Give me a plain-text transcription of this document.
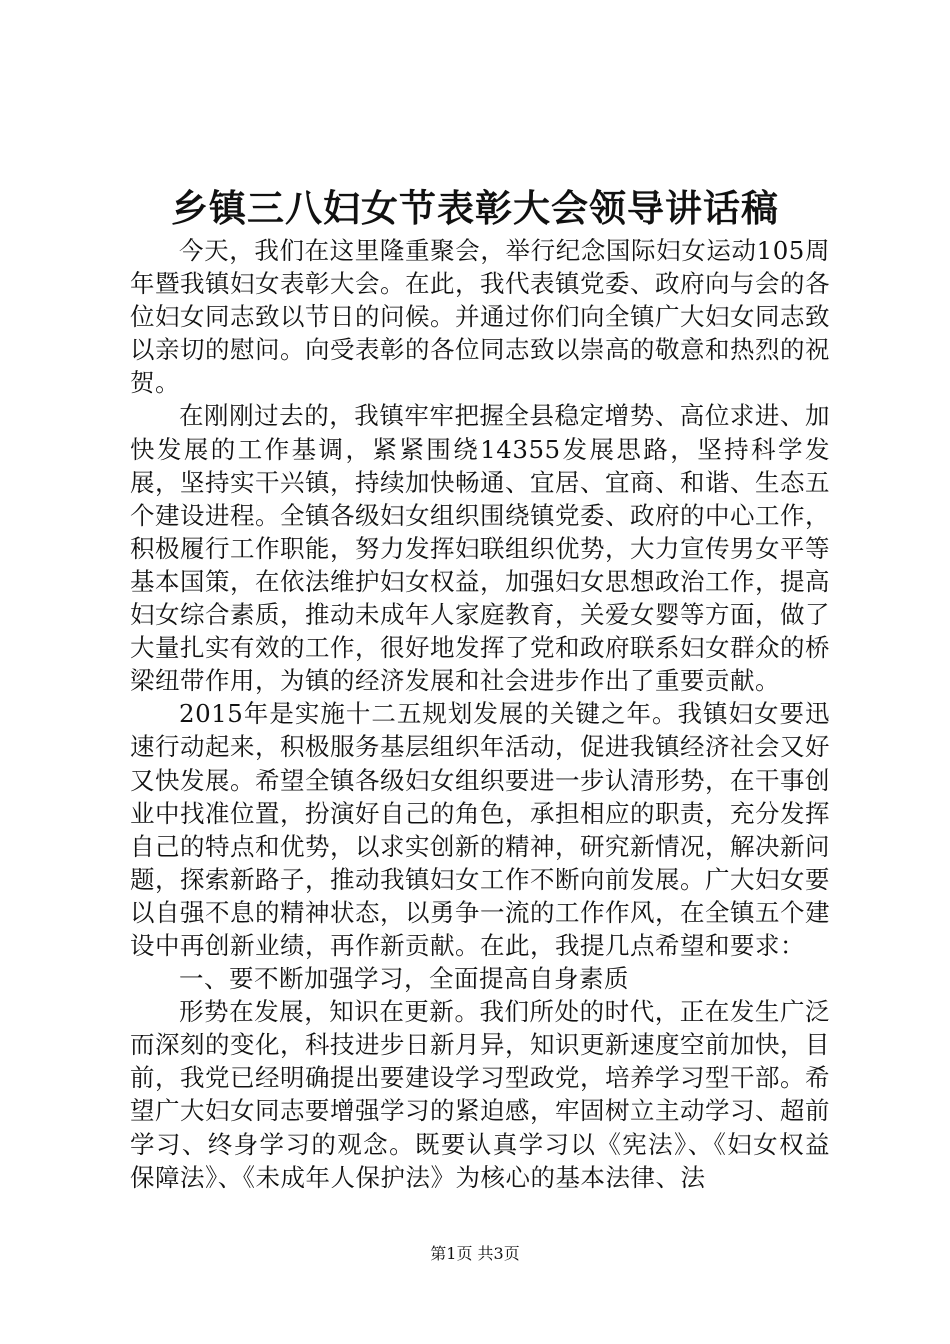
乡镇三八妇女节表彰大会领导讲话稿

今天，我们在这里隆重聚会，举行纪念国际妇女运动105周年暨我镇妇女表彰大会。在此，我代表镇党委、政府向与会的各位妇女同志致以节日的问候。并通过你们向全镇广大妇女同志致以亲切的慰问。向受表彰的各位同志致以崇高的敬意和热烈的祝贺。

在刚刚过去的，我镇牢牢把握全县稳定增势、高位求进、加快发展的工作基调，紧紧围绕14355发展思路，坚持科学发展，坚持实干兴镇，持续加快畅通、宜居、宜商、和谐、生态五个建设进程。全镇各级妇女组织围绕镇党委、政府的中心工作，积极履行工作职能，努力发挥妇联组织优势，大力宣传男女平等基本国策，在依法维护妇女权益，加强妇女思想政治工作，提高妇女综合素质，推动未成年人家庭教育，关爱女婴等方面，做了大量扎实有效的工作，很好地发挥了党和政府联系妇女群众的桥梁纽带作用，为镇的经济发展和社会进步作出了重要贡献。

2015年是实施十二五规划发展的关键之年。我镇妇女要迅速行动起来，积极服务基层组织年活动，促进我镇经济社会又好又快发展。希望全镇各级妇女组织要进一步认清形势，在干事创业中找准位置，扮演好自己的角色，承担相应的职责，充分发挥自己的特点和优势，以求实创新的精神，研究新情况，解决新问题，探索新路子，推动我镇妇女工作不断向前发展。广大妇女要以自强不息的精神状态，以勇争一流的工作作风，在全镇五个建设中再创新业绩，再作新贡献。在此，我提几点希望和要求：

一、要不断加强学习，全面提高自身素质

形势在发展，知识在更新。我们所处的时代，正在发生广泛而深刻的变化，科技进步日新月异，知识更新速度空前加快，目前，我党已经明确提出要建设学习型政党，培养学习型干部。希望广大妇女同志要增强学习的紧迫感，牢固树立主动学习、超前学习、终身学习的观念。既要认真学习以《宪法》、《妇女权益保障法》、《未成年人保护法》为核心的基本法律、法

第1页 共3页
